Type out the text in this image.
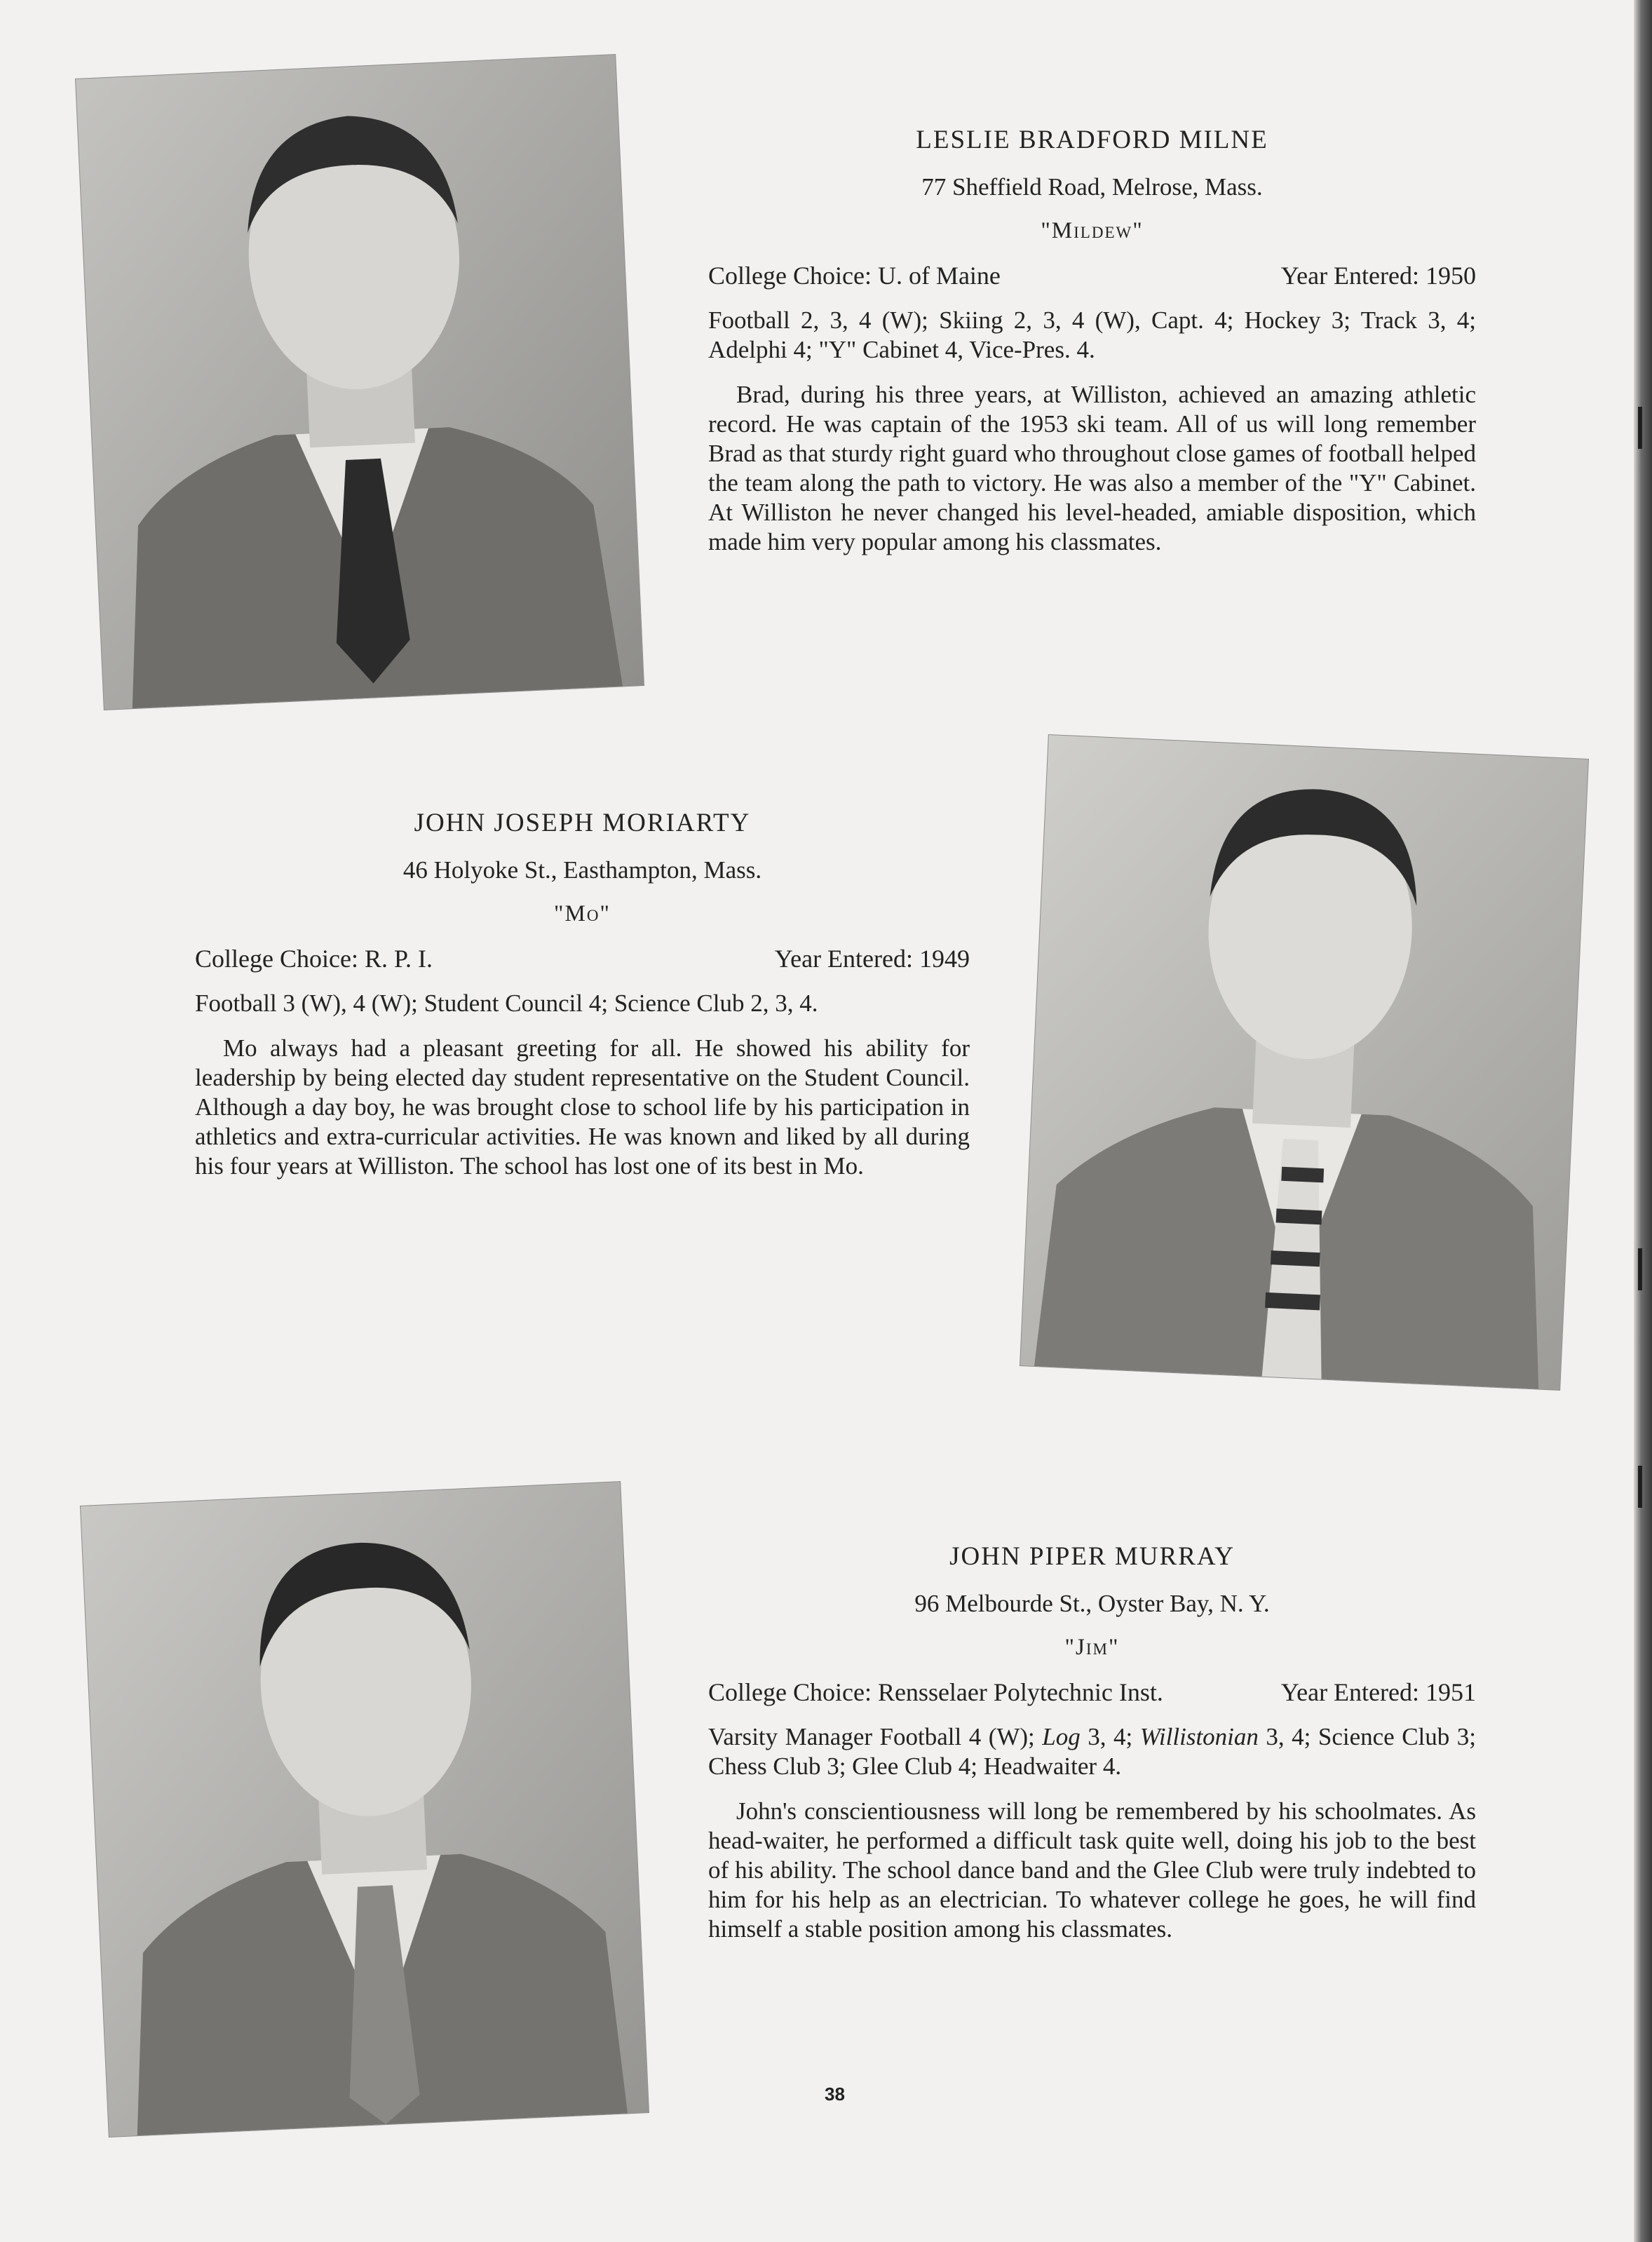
LESLIE BRADFORD MILNE
77 Sheffield Road, Melrose, Mass.
"Mildew"
College Choice: U. of Maine	Year Entered: 1950
Football 2, 3, 4 (W); Skiing 2, 3, 4 (W), Capt. 4; Hockey 3; Track 3, 4; Adelphi 4; "Y" Cabinet 4, Vice-Pres. 4.
Brad, during his three years, at Williston, achieved an amazing athletic record. He was captain of the 1953 ski team. All of us will long remember Brad as that sturdy right guard who throughout close games of football helped the team along the path to victory. He was also a member of the "Y" Cabinet. At Williston he never changed his level-headed, amiable disposition, which made him very popular among his classmates.
JOHN JOSEPH MORIARTY
46 Holyoke St., Easthampton, Mass.
"Mo"
College Choice: R. P. I.	Year Entered: 1949
Football 3 (W), 4 (W); Student Council 4; Science Club 2, 3, 4.
Mo always had a pleasant greeting for all. He showed his ability for leadership by being elected day student representative on the Student Council. Although a day boy, he was brought close to school life by his participation in athletics and extra-curricular activities. He was known and liked by all during his four years at Williston. The school has lost one of its best in Mo.
JOHN PIPER MURRAY
96 Melbourde St., Oyster Bay, N. Y.
"Jim"
College Choice: Rensselaer Polytechnic Inst.	Year Entered: 1951
Varsity Manager Football 4 (W); Log 3, 4; Willistonian 3, 4; Science Club 3; Chess Club 3; Glee Club 4; Headwaiter 4.
John's conscientiousness will long be remembered by his schoolmates. As head-waiter, he performed a difficult task quite well, doing his job to the best of his ability. The school dance band and the Glee Club were truly indebted to him for his help as an electrician. To whatever college he goes, he will find himself a stable position among his classmates.
38
